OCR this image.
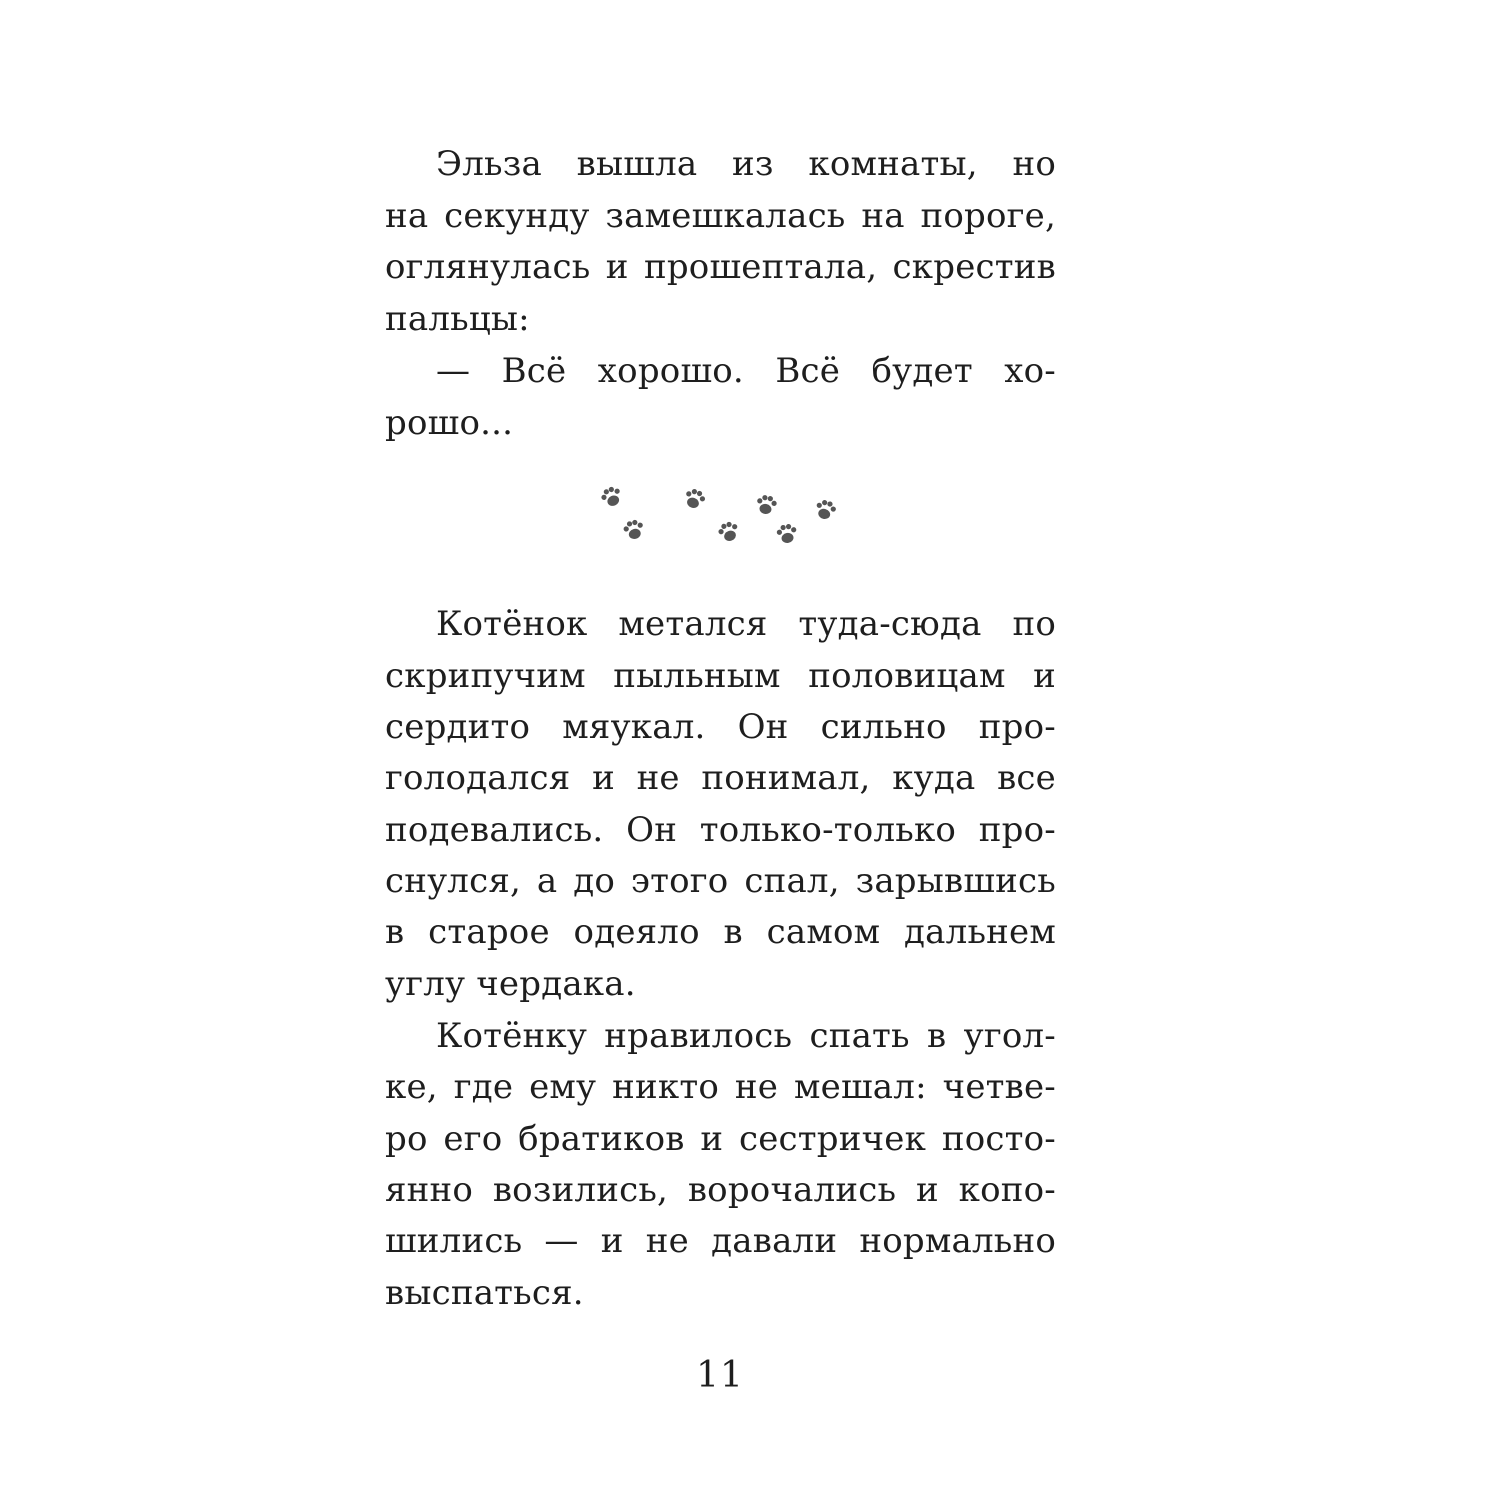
Эльза вышла из комнаты, но
на секунду замешкалась на пороге,
оглянулась и прошептала, скрестив
пальцы:
— Всё хорошо. Всё будет хо-
рошо...
Котёнок метался туда-сюда по
скрипучим пыльным половицам и
сердито мяукал. Он сильно про-
голодался и не понимал, куда все
подевались. Он только-только про-
снулся, а до этого спал, зарывшись
в старое одеяло в самом дальнем
углу чердака.
Котёнку нравилось спать в угол-
ке, где ему никто не мешал: четве-
ро его братиков и сестричек посто-
янно возились, ворочались и копо-
шились — и не давали нормально
выспаться.
11
